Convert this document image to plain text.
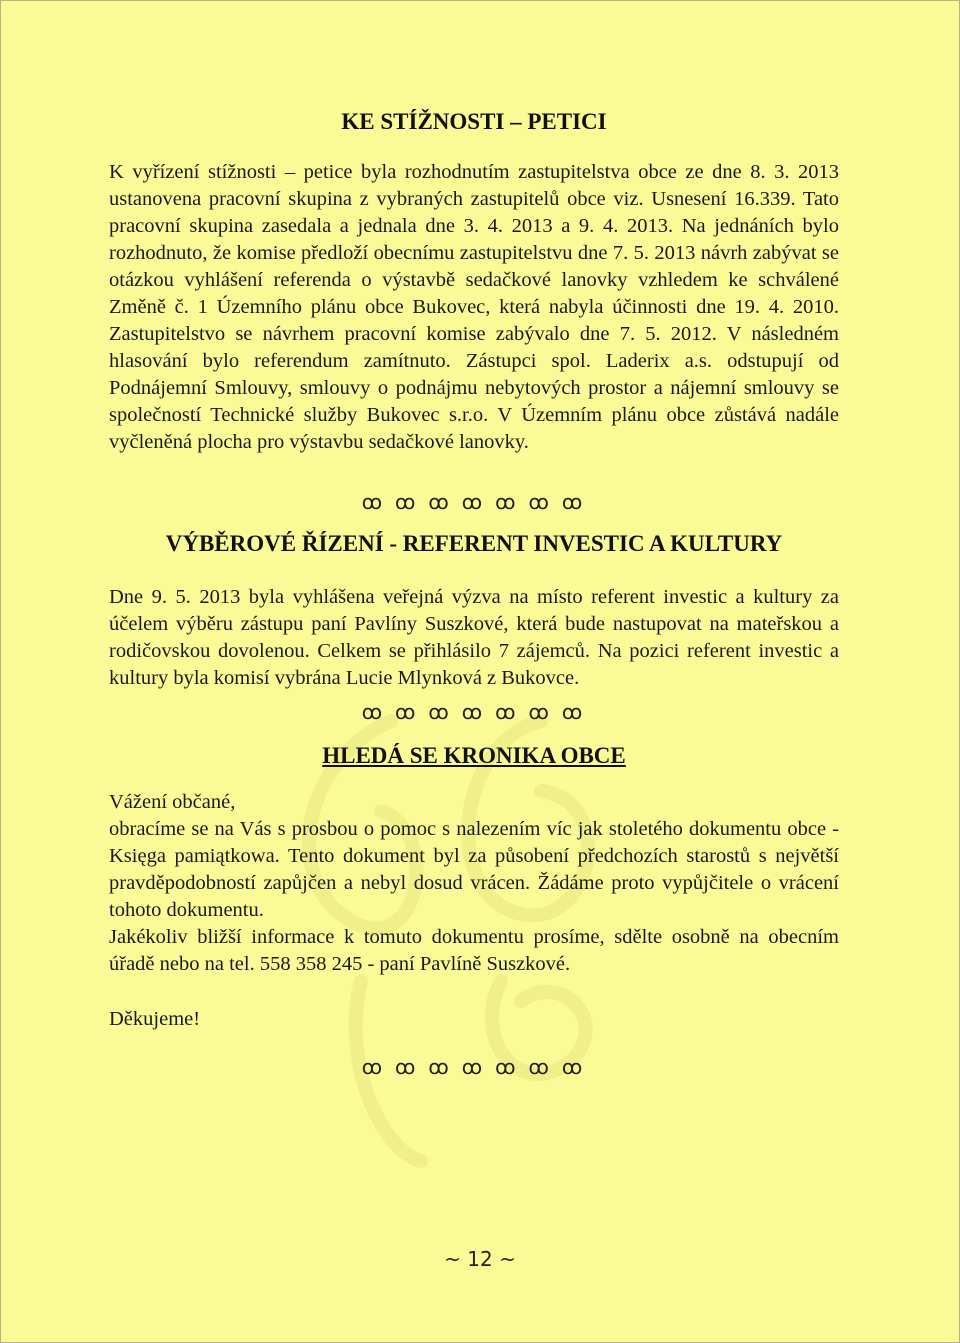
KE STÍŽNOSTI – PETICI

K vyřízení stížnosti – petice byla rozhodnutím zastupitelstva obce ze dne 8. 3. 2013 ustanovena pracovní skupina z vybraných zastupitelů obce viz. Usnesení 16.339. Tato pracovní skupina zasedala a jednala dne 3. 4. 2013 a 9. 4. 2013. Na jednáních bylo rozhodnuto, že komise předloží obecnímu zastupitelstvu dne 7. 5. 2013 návrh zabývat se otázkou vyhlášení referenda o výstavbě sedačkové lanovky vzhledem ke schválené Změně č. 1 Územního plánu obce Bukovec, která nabyla účinnosti dne 19. 4. 2010. Zastupitelstvo se návrhem pracovní komise zabývalo dne 7. 5. 2012. V následném hlasování bylo referendum zamítnuto. Zástupci spol. Laderix a.s. odstupují od Podnájemní Smlouvy, smlouvy o podnájmu nebytových prostor a nájemní smlouvy se společností Technické služby Bukovec s.r.o. V Územním plánu obce zůstává nadále vyčleněná plocha pro výstavbu sedačkové lanovky.

ꝏ ꝏ ꝏ ꝏ ꝏ ꝏ ꝏ

VÝBĚROVÉ ŘÍZENÍ - REFERENT INVESTIC A KULTURY

Dne 9. 5. 2013 byla vyhlášena veřejná výzva na místo referent investic a kultury za účelem výběru zástupu paní Pavlíny Suszkové, která bude nastupovat na mateřskou a rodičovskou dovolenou. Celkem se přihlásilo 7 zájemců. Na pozici referent investic a kultury byla komisí vybrána Lucie Mlynková z Bukovce.

ꝏ ꝏ ꝏ ꝏ ꝏ ꝏ ꝏ

HLEDÁ SE KRONIKA OBCE
Vážení občané,
obracíme se na Vás s prosbou o pomoc s nalezením víc jak stoletého dokumentu obce - Księga pamiątkowa. Tento dokument byl za působení předchozích starostů s největší pravděpodobností zapůjčen a nebyl dosud vrácen. Žádáme proto vypůjčitele o vrácení tohoto dokumentu.
Jakékoliv bližší informace k tomuto dokumentu prosíme, sdělte osobně na obecním úřadě nebo na tel. 558 358 245 - paní Pavlíně Suszkové.

Děkujeme!

ꝏ ꝏ ꝏ ꝏ ꝏ ꝏ ꝏ

~ 12 ~
